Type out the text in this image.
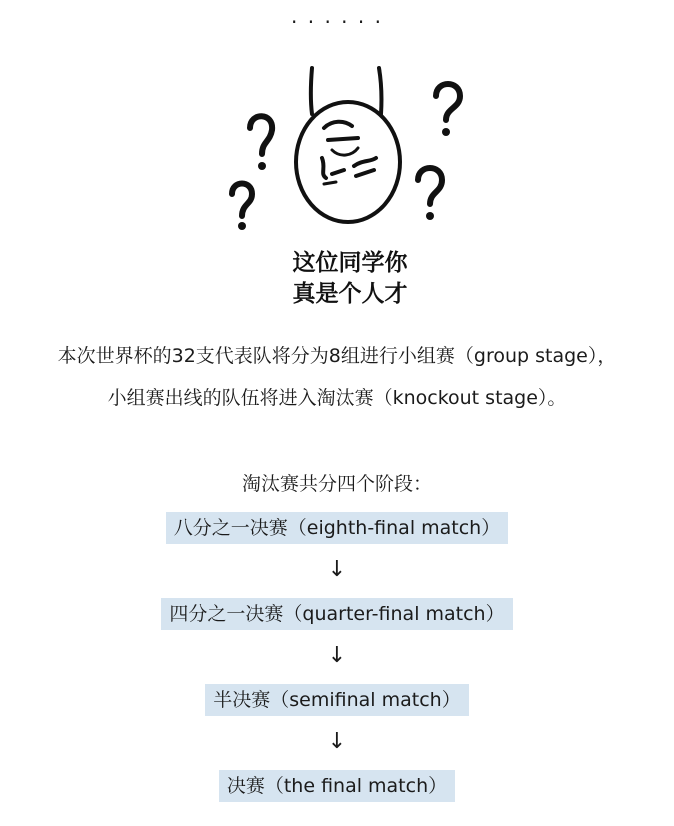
· · · · · ·
这位同学你
真是个人才
本次世界杯的32支代表队将分为8组进行小组赛（group stage），
小组赛出线的队伍将进入淘汰赛（knockout stage）。
淘汰赛共分四个阶段：
八分之一决赛（eighth-final match）
↓
四分之一决赛（quarter-final match）
↓
半决赛（semifinal match）
↓
决赛（the final match）
